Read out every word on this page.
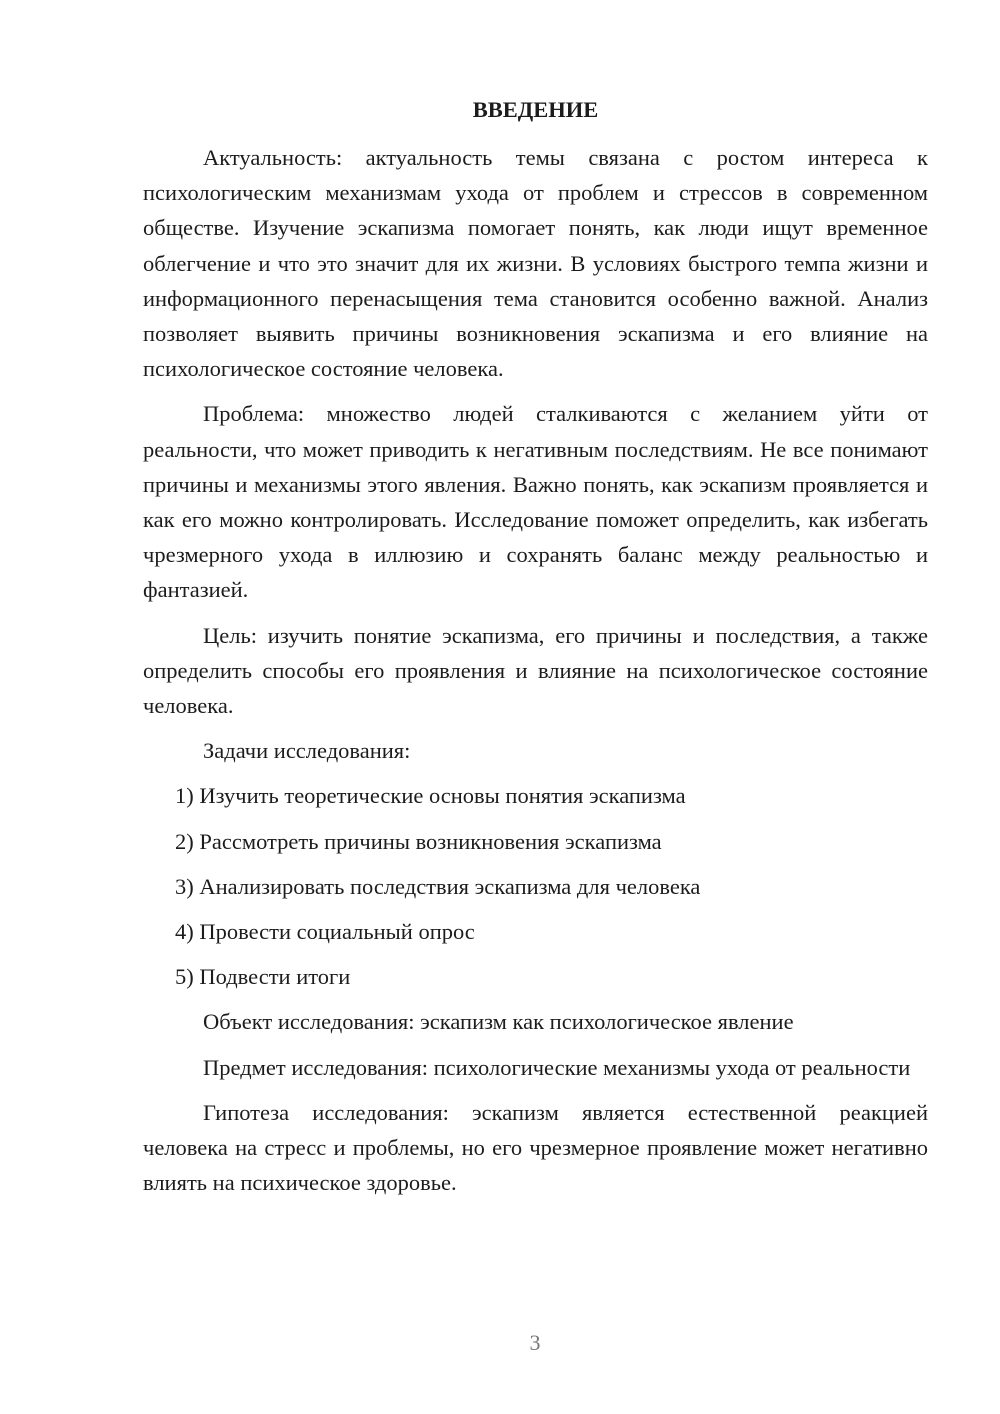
ВВЕДЕНИЕ

Актуальность: актуальность темы связана с ростом интереса к психологическим механизмам ухода от проблем и стрессов в современном обществе. Изучение эскапизма помогает понять, как люди ищут временное облегчение и что это значит для их жизни. В условиях быстрого темпа жизни и информационного перенасыщения тема становится особенно важной. Анализ позволяет выявить причины возникновения эскапизма и его влияние на психологическое состояние человека.

Проблема: множество людей сталкиваются с желанием уйти от реальности, что может приводить к негативным последствиям. Не все понимают причины и механизмы этого явления. Важно понять, как эскапизм проявляется и как его можно контролировать. Исследование поможет определить, как избегать чрезмерного ухода в иллюзию и сохранять баланс между реальностью и фантазией.

Цель: изучить понятие эскапизма, его причины и последствия, а также определить способы его проявления и влияние на психологическое состояние человека.

Задачи исследования:

1) Изучить теоретические основы понятия эскапизма
2) Рассмотреть причины возникновения эскапизма
3) Анализировать последствия эскапизма для человека
4) Провести социальный опрос
5) Подвести итоги

Объект исследования: эскапизм как психологическое явление

Предмет исследования: психологические механизмы ухода от реальности

Гипотеза исследования: эскапизм является естественной реакцией человека на стресс и проблемы, но его чрезмерное проявление может негативно влиять на психическое здоровье.

3
